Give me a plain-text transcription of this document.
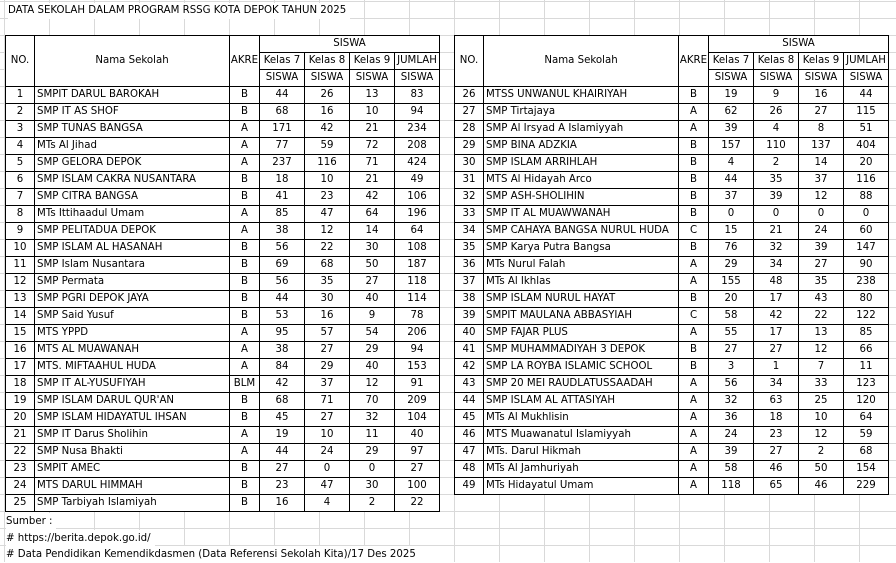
DATA SEKOLAH DALAM PROGRAM RSSG KOTA DEPOK TAHUN 2025
NO.	Nama Sekolah	AKRE	SISWA			
			Kelas 7	Kelas 8	Kelas 9	JUMLAH
			SISWA	SISWA	SISWA	SISWA
1	SMPIT DARUL BAROKAH	B	44	26	13	83
2	SMP IT AS SHOF	B	68	16	10	94
3	SMP TUNAS BANGSA	A	171	42	21	234
4	MTs Al Jihad	A	77	59	72	208
5	SMP GELORA DEPOK	A	237	116	71	424
6	SMP ISLAM CAKRA NUSANTARA	B	18	10	21	49
7	SMP CITRA BANGSA	B	41	23	42	106
8	MTs Ittihaadul Umam	A	85	47	64	196
9	SMP PELITADUA DEPOK	A	38	12	14	64
10	SMP ISLAM AL HASANAH	B	56	22	30	108
11	SMP Islam Nusantara	B	69	68	50	187
12	SMP Permata	B	56	35	27	118
13	SMP PGRI DEPOK JAYA	B	44	30	40	114
14	SMP Said Yusuf	B	53	16	9	78
15	MTS YPPD	A	95	57	54	206
16	MTS AL MUAWANAH	A	38	27	29	94
17	MTS. MIFTAAHUL HUDA	A	84	29	40	153
18	SMP IT AL-YUSUFIYAH	BLM	42	37	12	91
19	SMP ISLAM DARUL QUR'AN	B	68	71	70	209
20	SMP ISLAM HIDAYATUL IHSAN	B	45	27	32	104
21	SMP IT Darus Sholihin	A	19	10	11	40
22	SMP Nusa Bhakti	A	44	24	29	97
23	SMPIT AMEC	B	27	0	0	27
24	MTS DARUL HIMMAH	B	23	47	30	100
25	SMP Tarbiyah Islamiyah	B	16	4	2	22
NO.	Nama Sekolah	AKRE	SISWA			
			Kelas 7	Kelas 8	Kelas 9	JUMLAH
			SISWA	SISWA	SISWA	SISWA
26	MTSS UNWANUL KHAIRIYAH	B	19	9	16	44
27	SMP Tirtajaya	A	62	26	27	115
28	SMP Al Irsyad A Islamiyyah	A	39	4	8	51
29	SMP BINA ADZKIA	B	157	110	137	404
30	SMP ISLAM ARRIHLAH	B	4	2	14	20
31	MTS Al Hidayah Arco	B	44	35	37	116
32	SMP ASH-SHOLIHIN	B	37	39	12	88
33	SMP IT AL MUAWWANAH	B	0	0	0	0
34	SMP CAHAYA BANGSA NURUL HUDA	C	15	21	24	60
35	SMP Karya Putra Bangsa	B	76	32	39	147
36	MTs Nurul Falah	A	29	34	27	90
37	MTs Al Ikhlas	A	155	48	35	238
38	SMP ISLAM NURUL HAYAT	B	20	17	43	80
39	SMPIT MAULANA ABBASYIAH	C	58	42	22	122
40	SMP FAJAR PLUS	A	55	17	13	85
41	SMP MUHAMMADIYAH 3 DEPOK	B	27	27	12	66
42	SMP LA ROYBA ISLAMIC SCHOOL	B	3	1	7	11
43	SMP 20 MEI RAUDLATUSSAADAH	A	56	34	33	123
44	SMP ISLAM AL ATTASIYAH	A	32	63	25	120
45	MTs Al Mukhlisin	A	36	18	10	64
46	MTS Muawanatul Islamiyyah	A	24	23	12	59
47	MTs. Darul Hikmah	A	39	27	2	68
48	MTs Al Jamhuriyah	A	58	46	50	154
49	MTs Hidayatul Umam	A	118	65	46	229
Sumber :
# https://berita.depok.go.id/
# Data Pendidikan Kemendikdasmen (Data Referensi Sekolah Kita)/17 Des 2025
